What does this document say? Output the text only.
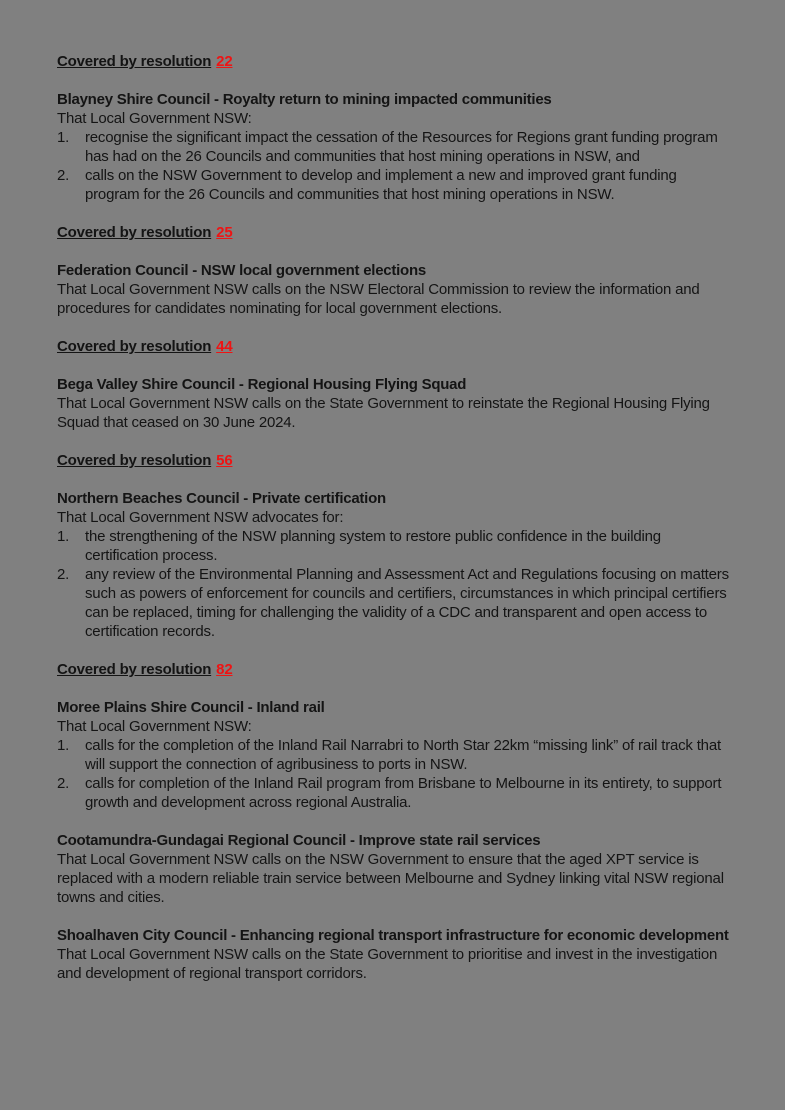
Covered by resolution 22

Blayney Shire Council - Royalty return to mining impacted communities

That Local Government NSW:

1.	recognise the significant impact the cessation of the Resources for Regions grant funding program has had on the 26 Councils and communities that host mining operations in NSW, and
2.	calls on the NSW Government to develop and implement a new and improved grant funding program for the 26 Councils and communities that host mining operations in NSW.

Covered by resolution 25

Federation Council - NSW local government elections

That Local Government NSW calls on the NSW Electoral Commission to review the information and procedures for candidates nominating for local government elections.

Covered by resolution 44

Bega Valley Shire Council - Regional Housing Flying Squad

That Local Government NSW calls on the State Government to reinstate the Regional Housing Flying Squad that ceased on 30 June 2024.

Covered by resolution 56

Northern Beaches Council - Private certification

That Local Government NSW advocates for:

1.	the strengthening of the NSW planning system to restore public confidence in the building certification process.
2.	any review of the Environmental Planning and Assessment Act and Regulations focusing on matters such as powers of enforcement for councils and certifiers, circumstances in which principal certifiers can be replaced, timing for challenging the validity of a CDC and transparent and open access to certification records.

Covered by resolution 82

Moree Plains Shire Council - Inland rail

That Local Government NSW:

1.	calls for the completion of the Inland Rail Narrabri to North Star 22km “missing link” of rail track that will support the connection of agribusiness to ports in NSW.
2.	calls for completion of the Inland Rail program from Brisbane to Melbourne in its entirety, to support growth and development across regional Australia.
Cootamundra-Gundagai Regional Council - Improve state rail services

That Local Government NSW calls on the NSW Government to ensure that the aged XPT service is replaced with a modern reliable train service between Melbourne and Sydney linking vital NSW regional towns and cities.

Shoalhaven City Council - Enhancing regional transport infrastructure for economic development

That Local Government NSW calls on the State Government to prioritise and invest in the investigation and development of regional transport corridors.
